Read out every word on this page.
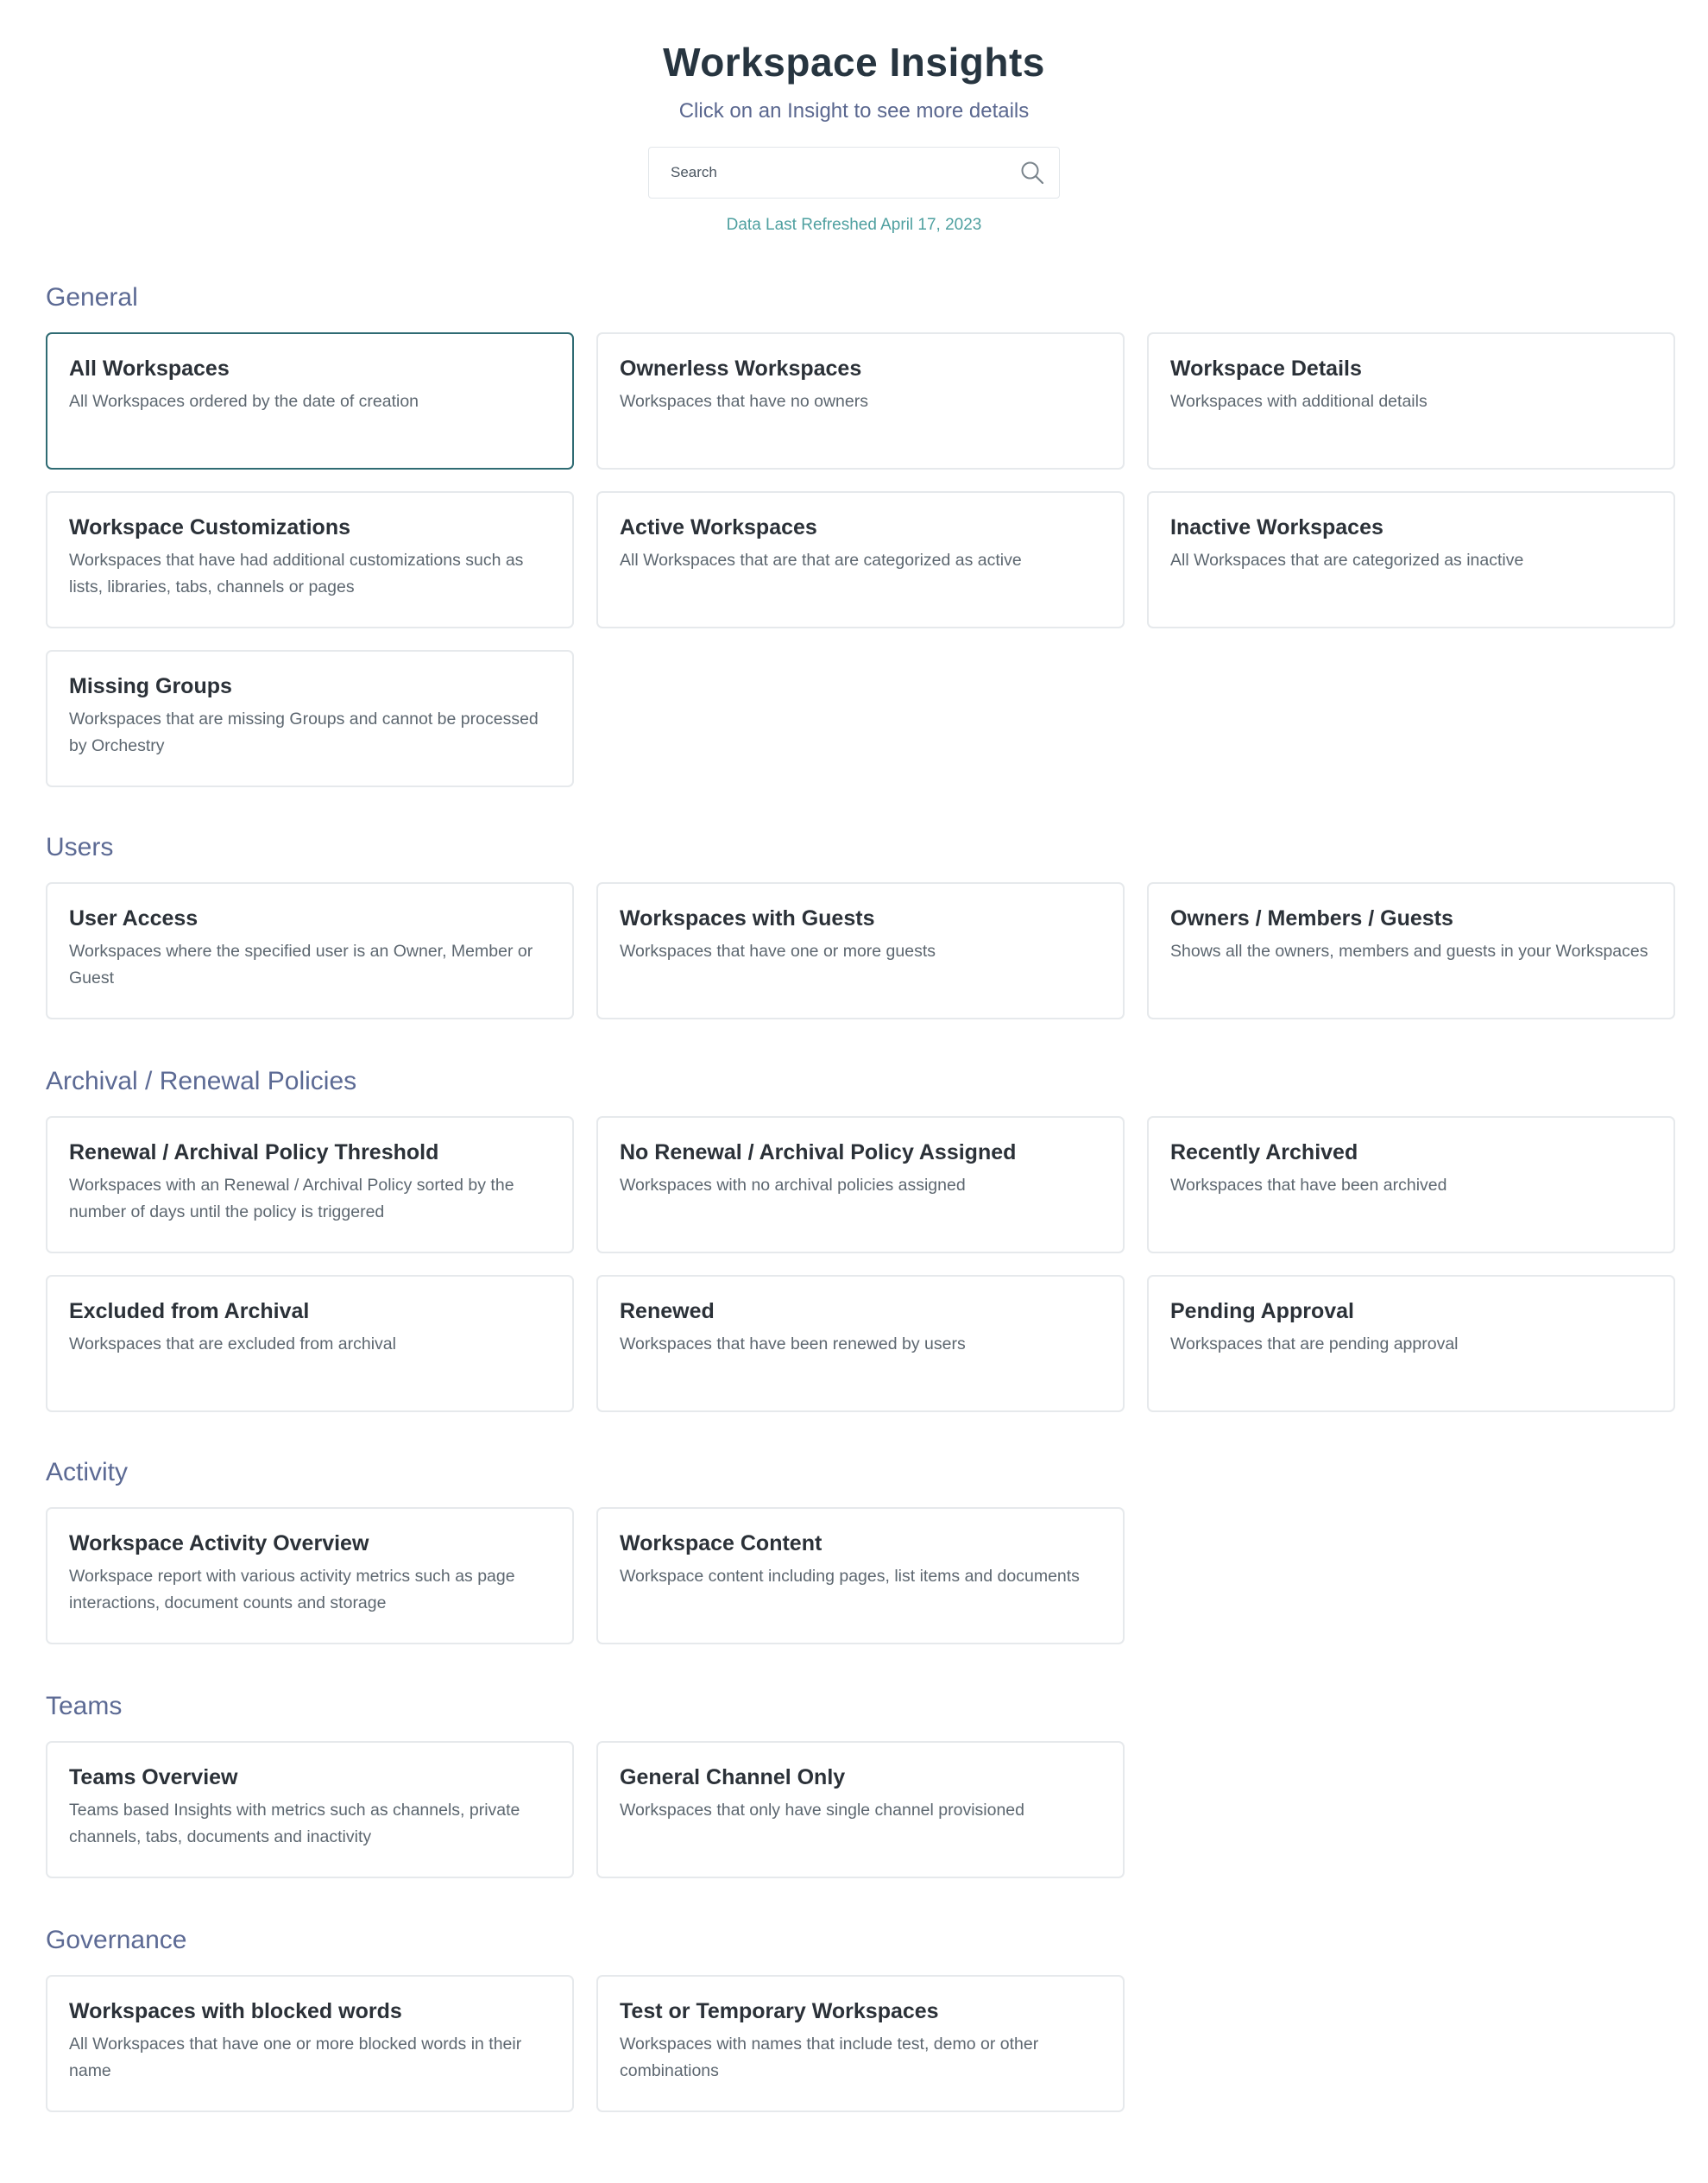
Workspace Insights
Click on an Insight to see more details
Search
Data Last Refreshed April 17, 2023
General
All Workspaces
All Workspaces ordered by the date of creation
Ownerless Workspaces
Workspaces that have no owners
Workspace Details
Workspaces with additional details
Workspace Customizations
Workspaces that have had additional customizations such as lists, libraries, tabs, channels or pages
Active Workspaces
All Workspaces that are that are categorized as active
Inactive Workspaces
All Workspaces that are categorized as inactive
Missing Groups
Workspaces that are missing Groups and cannot be processed by Orchestry
Users
User Access
Workspaces where the specified user is an Owner, Member or Guest
Workspaces with Guests
Workspaces that have one or more guests
Owners / Members / Guests
Shows all the owners, members and guests in your Workspaces
Archival / Renewal Policies
Renewal / Archival Policy Threshold
Workspaces with an Renewal / Archival Policy sorted by the number of days until the policy is triggered
No Renewal / Archival Policy Assigned
Workspaces with no archival policies assigned
Recently Archived
Workspaces that have been archived
Excluded from Archival
Workspaces that are excluded from archival
Renewed
Workspaces that have been renewed by users
Pending Approval
Workspaces that are pending approval
Activity
Workspace Activity Overview
Workspace report with various activity metrics such as page interactions, document counts and storage
Workspace Content
Workspace content including pages, list items and documents
Teams
Teams Overview
Teams based Insights with metrics such as channels, private channels, tabs, documents and inactivity
General Channel Only
Workspaces that only have single channel provisioned
Governance
Workspaces with blocked words
All Workspaces that have one or more blocked words in their name
Test or Temporary Workspaces
Workspaces with names that include test, demo or other combinations
